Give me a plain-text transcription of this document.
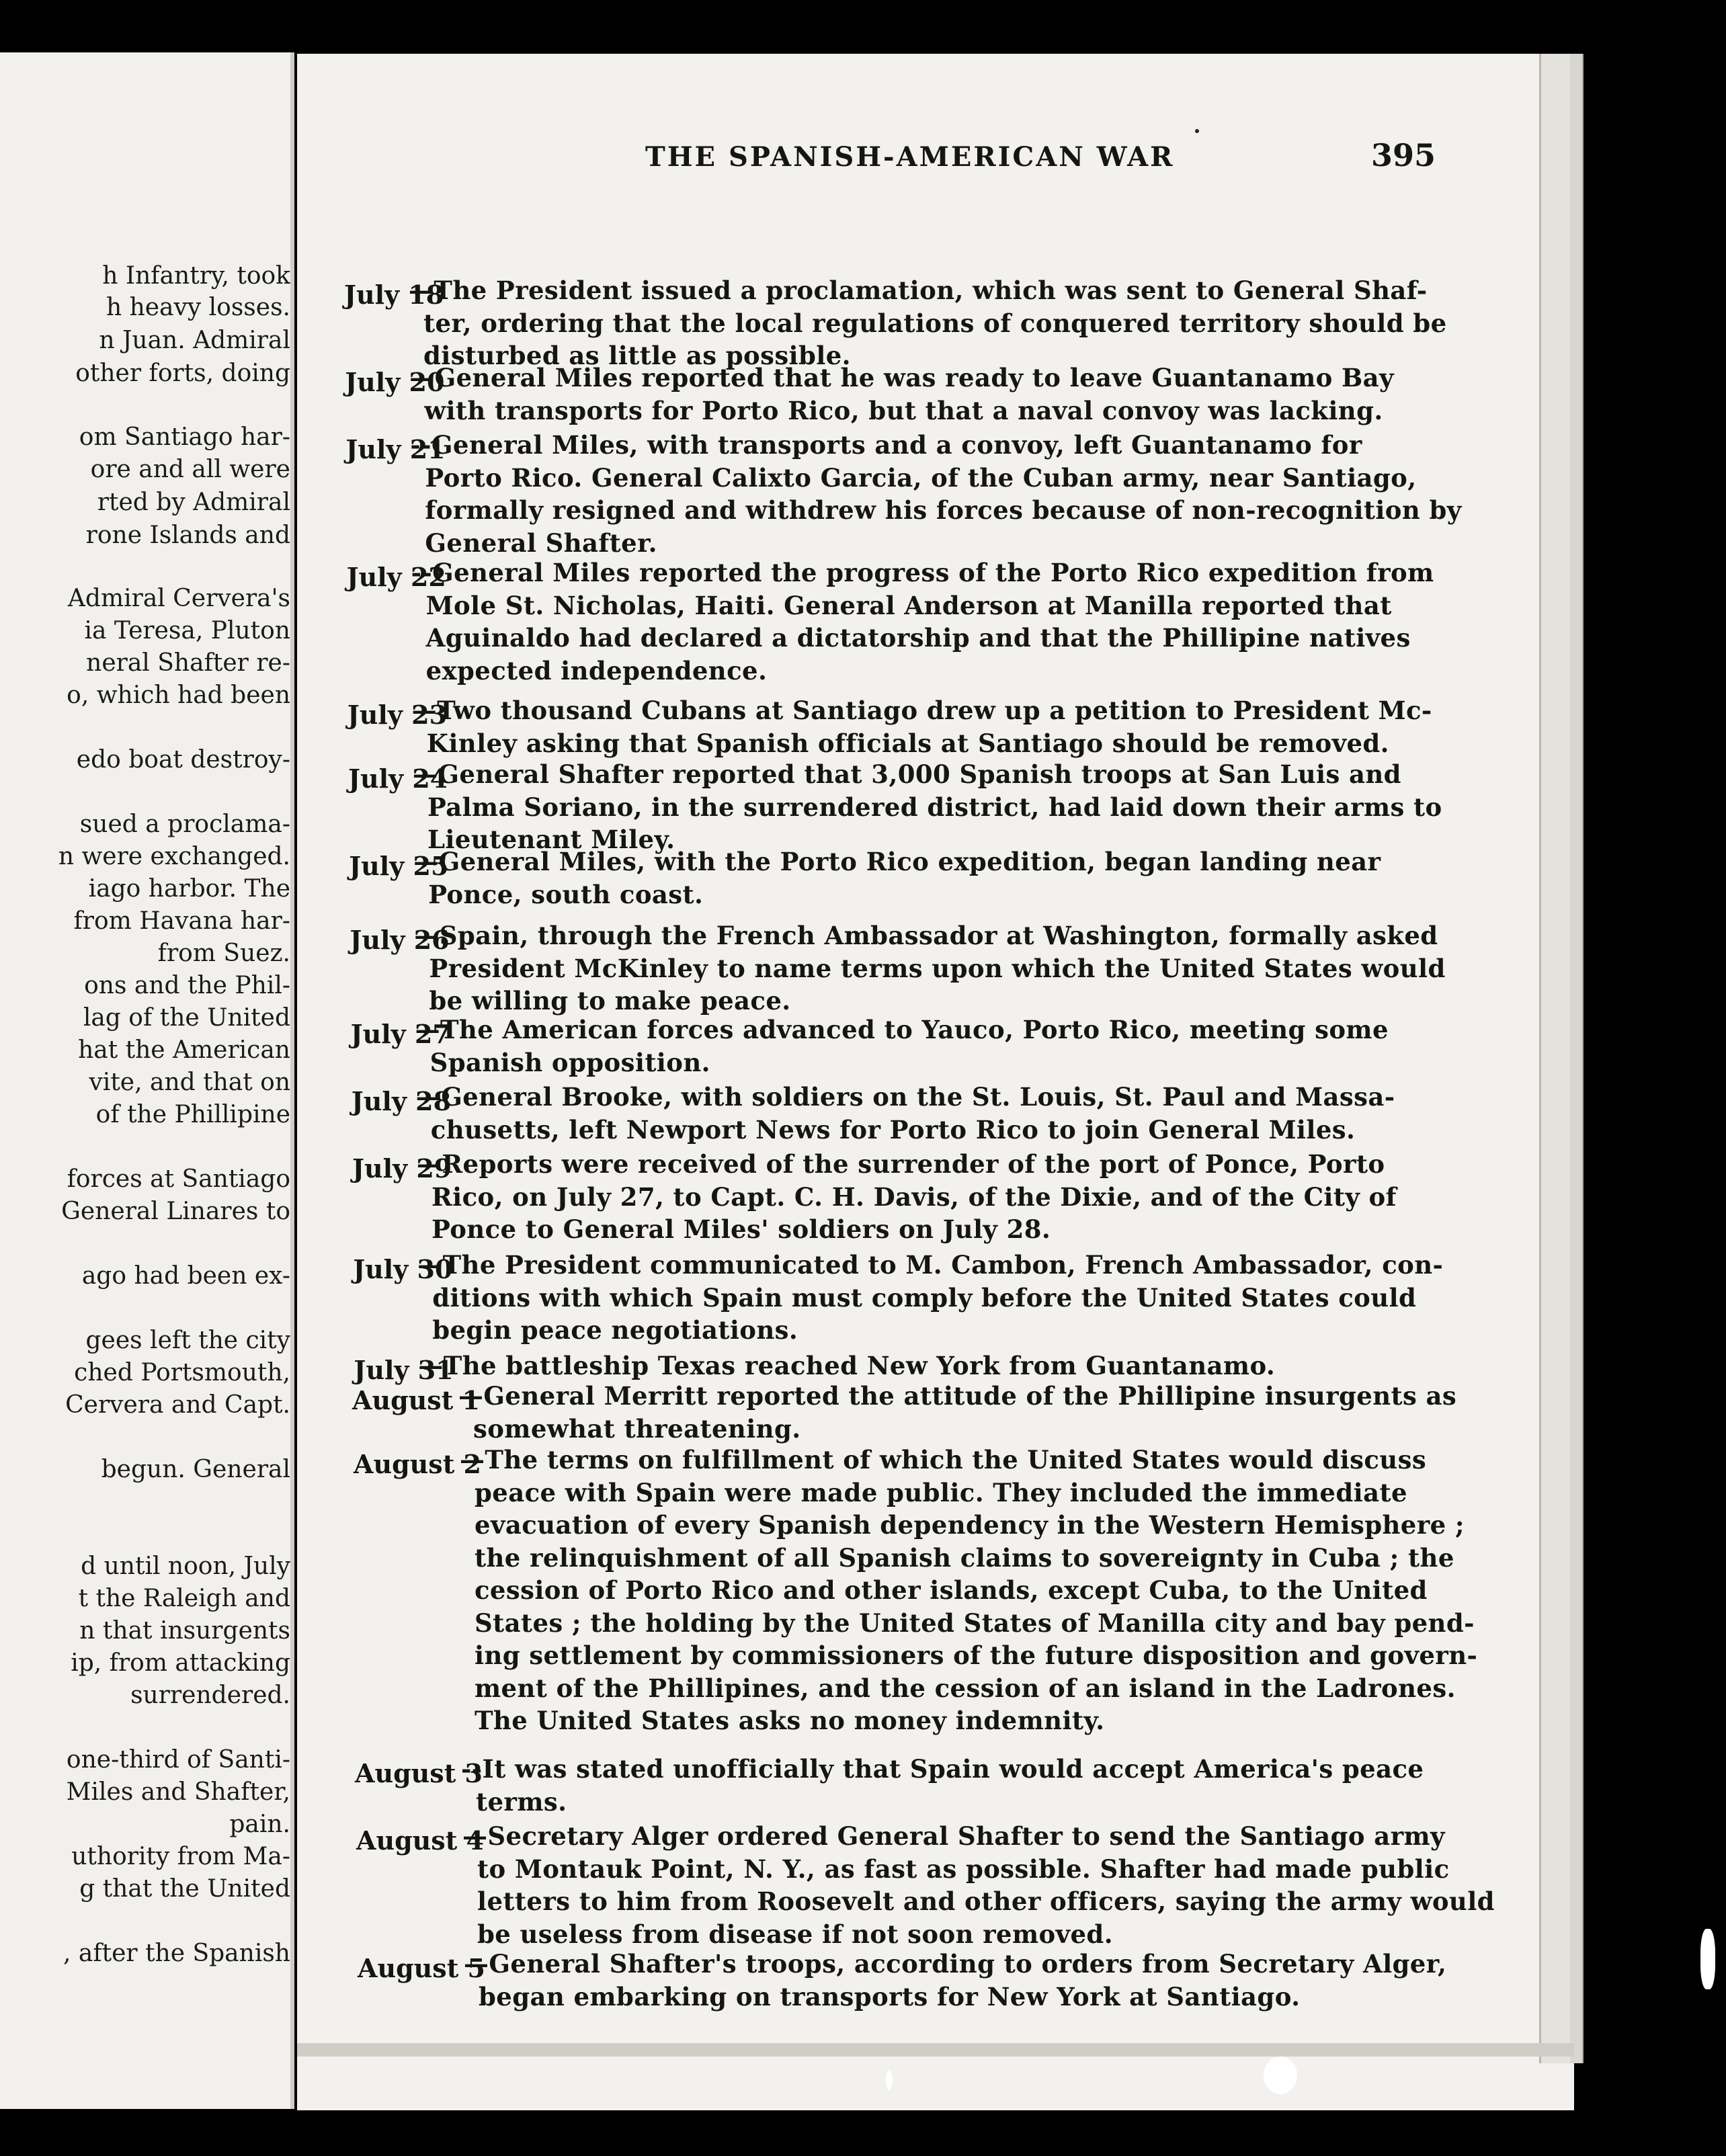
h Infantry, took
h heavy losses.
n Juan. Admiral
other forts, doing
om Santiago har-
ore and all were
rted by Admiral
rone Islands and
Admiral Cervera's
ia Teresa, Pluton
neral Shafter re-
o, which had been
edo boat destroy-
sued a proclama-
n were exchanged.
iago harbor. The
from Havana har-
from Suez.
ons and the Phil-
lag of the United
hat the American
vite, and that on
of the Phillipine
forces at Santiago
General Linares to
ago had been ex-
gees left the city
ched Portsmouth,
Cervera and Capt.
begun. General
d until noon, July
t the Raleigh and
n that insurgents
ip, from attacking
surrendered.
one-third of Santi-
Miles and Shafter,
pain.
uthority from Ma-
g that the United
, after the Spanish
THE SPANISH-AMERICAN WAR	395
July 18
—The President issued a proclamation, which was sent to General Shaf-
ter, ordering that the local regulations of conquered territory should be
disturbed as little as possible.
July 20
—General Miles reported that he was ready to leave Guantanamo Bay
with transports for Porto Rico, but that a naval convoy was lacking.
July 21
--General Miles, with transports and a convoy, left Guantanamo for
Porto Rico. General Calixto Garcia, of the Cuban army, near Santiago,
formally resigned and withdrew his forces because of non-recognition by
General Shafter.
July 22
--General Miles reported the progress of the Porto Rico expedition from
Mole St. Nicholas, Haiti. General Anderson at Manilla reported that
Aguinaldo had declared a dictatorship and that the Phillipine natives
expected independence.
July 23
—Two thousand Cubans at Santiago drew up a petition to President Mc-
Kinley asking that Spanish officials at Santiago should be removed.
July 24
—General Shafter reported that 3,000 Spanish troops at San Luis and
Palma Soriano, in the surrendered district, had laid down their arms to
Lieutenant Miley.
July 25
—General Miles, with the Porto Rico expedition, began landing near
Ponce, south coast.
July 26
—Spain, through the French Ambassador at Washington, formally asked
President McKinley to name terms upon which the United States would
be willing to make peace.
July 27
—The American forces advanced to Yauco, Porto Rico, meeting some
Spanish opposition.
July 28
—General Brooke, with soldiers on the St. Louis, St. Paul and Massa-
chusetts, left Newport News for Porto Rico to join General Miles.
July 29
—Reports were received of the surrender of the port of Ponce, Porto
Rico, on July 27, to Capt. C. H. Davis, of the Dixie, and of the City of
Ponce to General Miles' soldiers on July 28.
July 30
—The President communicated to M. Cambon, French Ambassador, con-
ditions with which Spain must comply before the United States could
begin peace negotiations.
July 31
—The battleship Texas reached New York from Guantanamo.
August 1
—General Merritt reported the attitude of the Phillipine insurgents as
somewhat threatening.
August 2
—The terms on fulfillment of which the United States would discuss
peace with Spain were made public. They included the immediate
evacuation of every Spanish dependency in the Western Hemisphere ;
the relinquishment of all Spanish claims to sovereignty in Cuba ; the
cession of Porto Rico and other islands, except Cuba, to the United
States ; the holding by the United States of Manilla city and bay pend-
ing settlement by commissioners of the future disposition and govern-
ment of the Phillipines, and the cession of an island in the Ladrones.
The United States asks no money indemnity.
August 3
--It was stated unofficially that Spain would accept America's peace
terms.
August 4
—Secretary Alger ordered General Shafter to send the Santiago army
to Montauk Point, N. Y., as fast as possible. Shafter had made public
letters to him from Roosevelt and other officers, saying the army would
be useless from disease if not soon removed.
August 5
—General Shafter's troops, according to orders from Secretary Alger,
began embarking on transports for New York at Santiago.
